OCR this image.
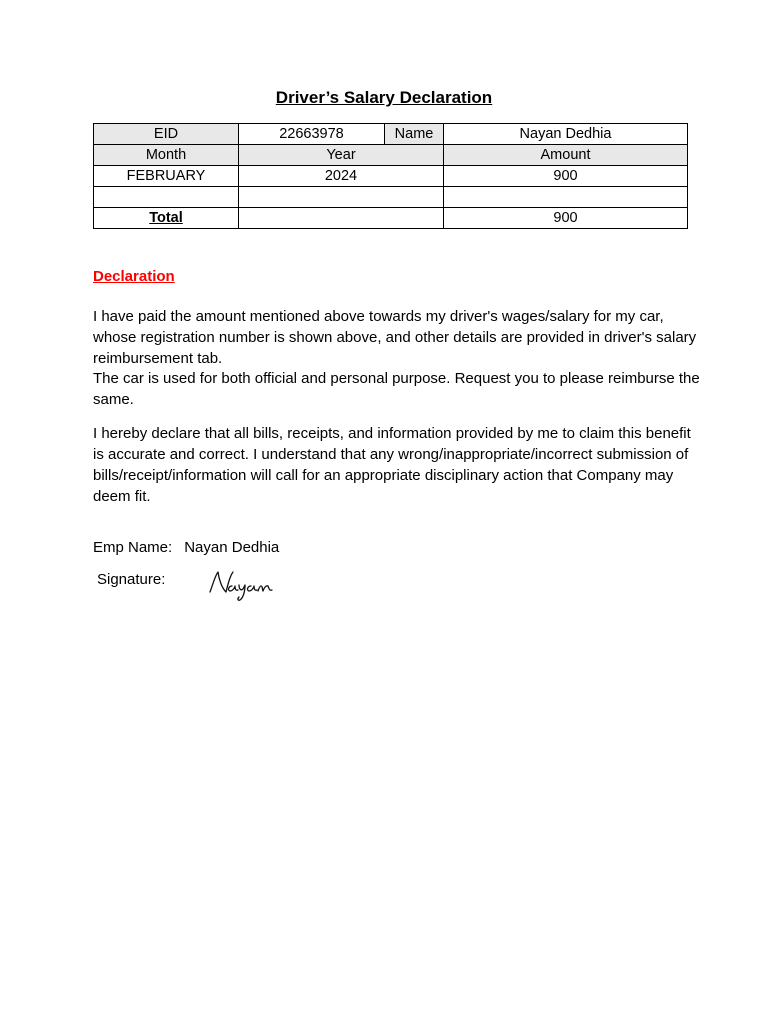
Driver’s Salary Declaration
EID	22663978	Name	Nayan Dedhia
Month	Year		Amount
FEBRUARY	2024		900

Total			900
Declaration

I have paid the amount mentioned above towards my driver's wages/salary for my car, whose registration number is shown above, and other details are provided in driver's salary reimbursement tab.

The car is used for both official and personal purpose. Request you to please reimburse the same.

I hereby declare that all bills, receipts, and information provided by me to claim this benefit is accurate and correct. I understand that any wrong/inappropriate/incorrect submission of bills/receipt/information will call for an appropriate disciplinary action that Company may deem fit.

Emp Name: Nayan Dedhia
Signature:
